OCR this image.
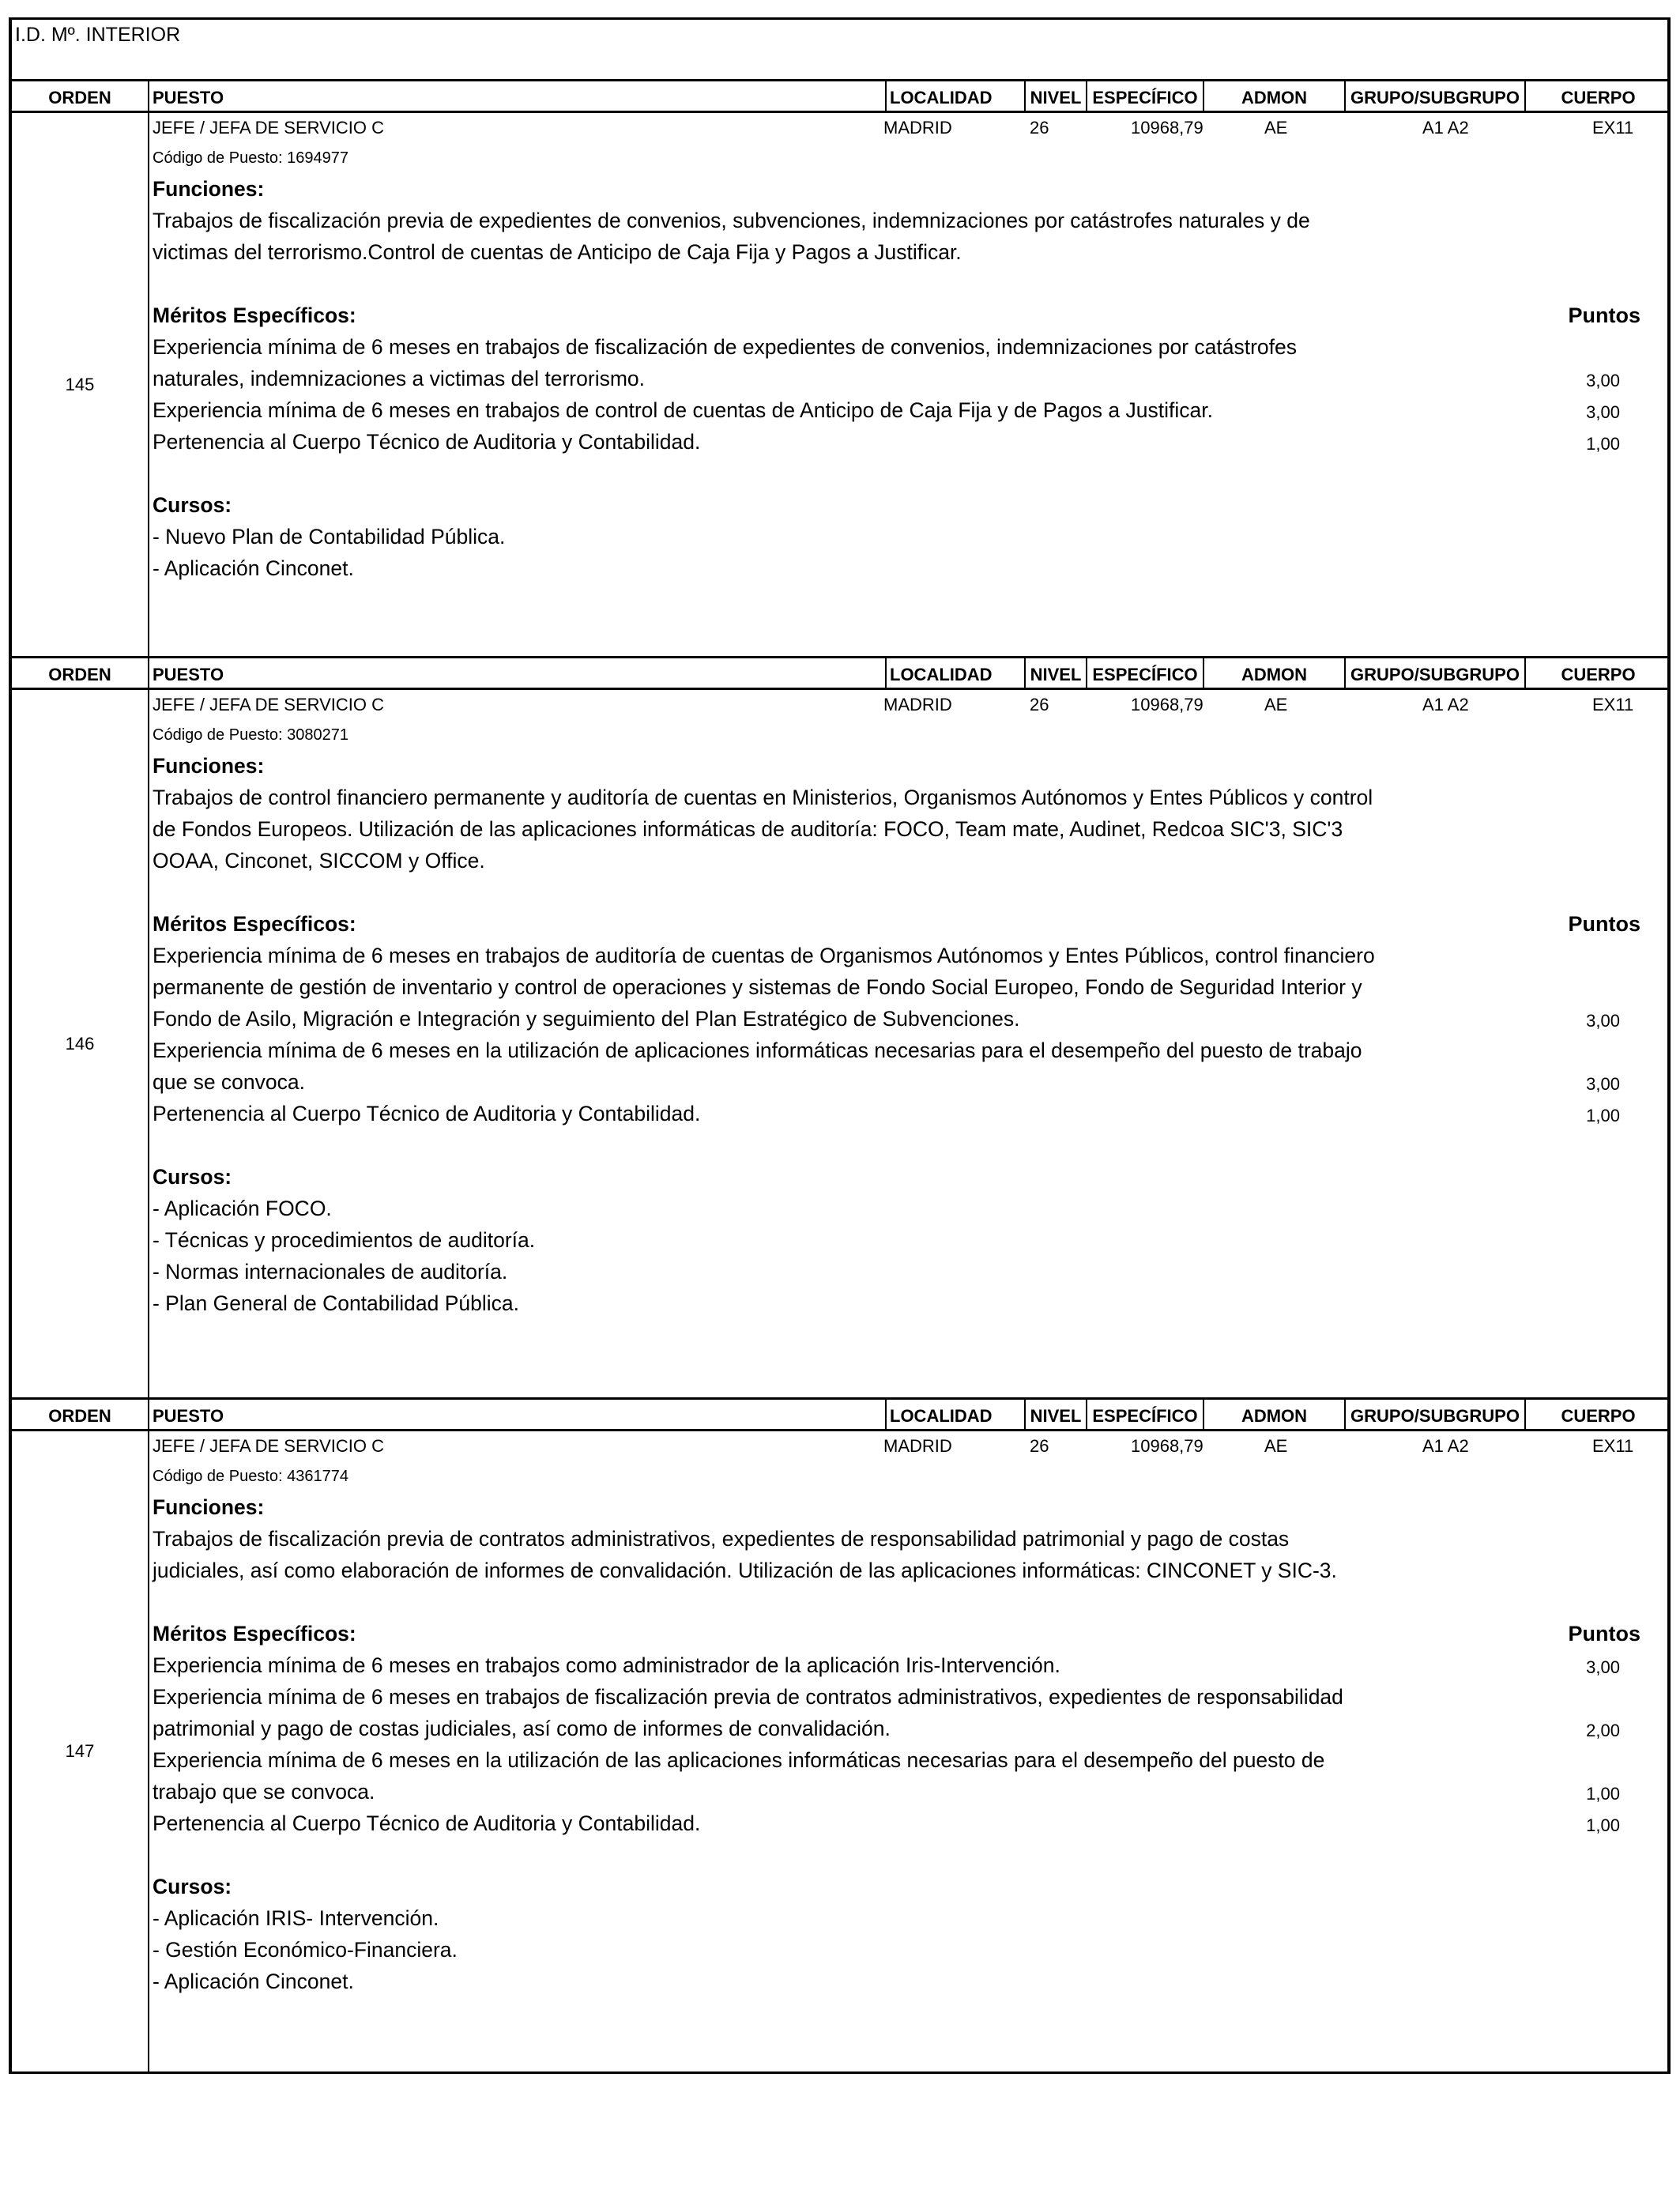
I.D. Mº. INTERIOR
ORDEN	PUESTO	LOCALIDAD	NIVEL ESPECÍFICO	ADMON	GRUPO/SUBGRUPO	CUERPO
145
JEFE / JEFA DE SERVICIO C	MADRID	26	10968,79	AE	A1 A2	EX11
Código de Puesto: 1694977
Funciones:
Trabajos de fiscalización previa de expedientes de convenios, subvenciones, indemnizaciones por catástrofes naturales y de
victimas del terrorismo.Control de cuentas de Anticipo de Caja Fija y Pagos a Justificar.
Méritos Específicos:	Puntos
Experiencia mínima de 6 meses en trabajos de fiscalización de expedientes de convenios, indemnizaciones por catástrofes
naturales, indemnizaciones a victimas del terrorismo.	3,00
Experiencia mínima de 6 meses en trabajos de control de cuentas de Anticipo de Caja Fija y de Pagos a Justificar.	3,00
Pertenencia al Cuerpo Técnico de Auditoria y Contabilidad.	1,00
Cursos:
- Nuevo Plan de Contabilidad Pública.
- Aplicación Cinconet.
ORDEN	PUESTO	LOCALIDAD	NIVEL ESPECÍFICO	ADMON	GRUPO/SUBGRUPO	CUERPO
146
JEFE / JEFA DE SERVICIO C	MADRID	26	10968,79	AE	A1 A2	EX11
Código de Puesto: 3080271
Funciones:
Trabajos de control financiero permanente y auditoría de cuentas en Ministerios, Organismos Autónomos y Entes Públicos y control
de Fondos Europeos. Utilización de las aplicaciones informáticas de auditoría: FOCO, Team mate, Audinet, Redcoa SIC'3, SIC'3
OOAA, Cinconet, SICCOM y Office.
Méritos Específicos:	Puntos
Experiencia mínima de 6 meses en trabajos de auditoría de cuentas de Organismos Autónomos y Entes Públicos, control financiero
permanente de gestión de inventario y control de operaciones y sistemas de Fondo Social Europeo, Fondo de Seguridad Interior y
Fondo de Asilo, Migración e Integración y seguimiento del Plan Estratégico de Subvenciones.	3,00
Experiencia mínima de 6 meses en la utilización de aplicaciones informáticas necesarias para el desempeño del puesto de trabajo
que se convoca.	3,00
Pertenencia al Cuerpo Técnico de Auditoria y Contabilidad.	1,00
Cursos:
- Aplicación FOCO.
- Técnicas y procedimientos de auditoría.
- Normas internacionales de auditoría.
- Plan General de Contabilidad Pública.
ORDEN	PUESTO	LOCALIDAD	NIVEL ESPECÍFICO	ADMON	GRUPO/SUBGRUPO	CUERPO
147
JEFE / JEFA DE SERVICIO C	MADRID	26	10968,79	AE	A1 A2	EX11
Código de Puesto: 4361774
Funciones:
Trabajos de fiscalización previa de contratos administrativos, expedientes de responsabilidad patrimonial y pago de costas
judiciales, así como elaboración de informes de convalidación. Utilización de las aplicaciones informáticas: CINCONET y SIC-3.
Méritos Específicos:	Puntos
Experiencia mínima de 6 meses en trabajos como administrador de la aplicación Iris-Intervención.	3,00
Experiencia mínima de 6 meses en trabajos de fiscalización previa de contratos administrativos, expedientes de responsabilidad
patrimonial y pago de costas judiciales, así como de informes de convalidación.	2,00
Experiencia mínima de 6 meses en la utilización de las aplicaciones informáticas necesarias para el desempeño del puesto de
trabajo que se convoca.	1,00
Pertenencia al Cuerpo Técnico de Auditoria y Contabilidad.	1,00
Cursos:
- Aplicación IRIS- Intervención.
- Gestión Económico-Financiera.
- Aplicación Cinconet.
